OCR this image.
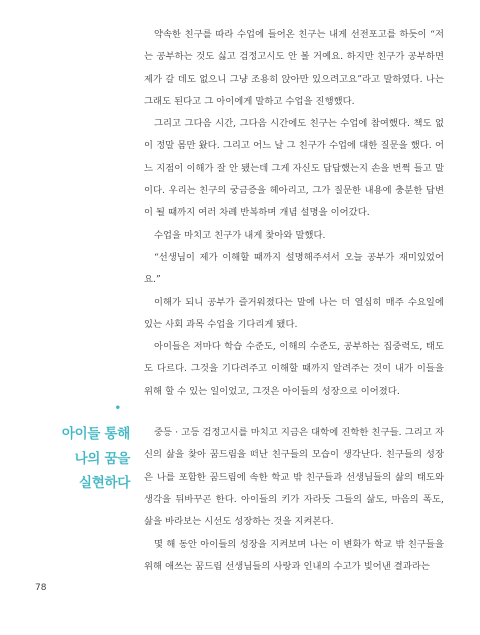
약속한 친구를 따라 수업에 들어온 친구는 내게 선전포고를 하듯이 “저는 공부하는 것도 싫고 검정고시도 안 볼 거예요. 하지만 친구가 공부하면 제가 갈 데도 없으니 그냥 조용히 앉아만 있으려고요”라고 말하였다. 나는 그래도 된다고 그 아이에게 말하고 수업을 진행했다.

그리고 그다음 시간, 그다음 시간에도 친구는 수업에 참여했다. 책도 없이 정말 몸만 왔다. 그리고 어느 날 그 친구가 수업에 대한 질문을 했다. 어느 지점이 이해가 잘 안 됐는데 그게 자신도 답답했는지 손을 번쩍 들고 말이다. 우리는 친구의 궁금증을 헤아리고, 그가 질문한 내용에 충분한 답변이 될 때까지 여러 차례 반복하며 개념 설명을 이어갔다.

수업을 마치고 친구가 내게 찾아와 말했다.

“선생님이 제가 이해할 때까지 설명해주셔서 오늘 공부가 재미있었어요.”

이해가 되니 공부가 즐거워졌다는 말에 나는 더 열심히 매주 수요일에 있는 사회 과목 수업을 기다리게 됐다.

아이들은 저마다 학습 수준도, 이해의 수준도, 공부하는 집중력도, 태도도 다르다. 그것을 기다려주고 이해할 때까지 알려주는 것이 내가 이들을 위해 할 수 있는 일이었고, 그것은 아이들의 성장으로 이어졌다.

중등 · 고등 검정고시를 마치고 지금은 대학에 진학한 친구들. 그리고 자신의 삶을 찾아 꿈드림을 떠난 친구들의 모습이 생각난다. 친구들의 성장은 나를 포함한 꿈드림에 속한 학교 밖 친구들과 선생님들의 삶의 태도와 생각을 뒤바꾸곤 한다. 아이들의 키가 자라듯 그들의 삶도, 마음의 폭도, 삶을 바라보는 시선도 성장하는 것을 지켜본다.

몇 해 동안 아이들의 성장을 지켜보며 나는 이 변화가 학교 밖 친구들을 위해 애쓰는 꿈드림 선생님들의 사랑과 인내의 수고가 빚어낸 결과라는

•
아이들 통해
나의 꿈을
실현하다
78
